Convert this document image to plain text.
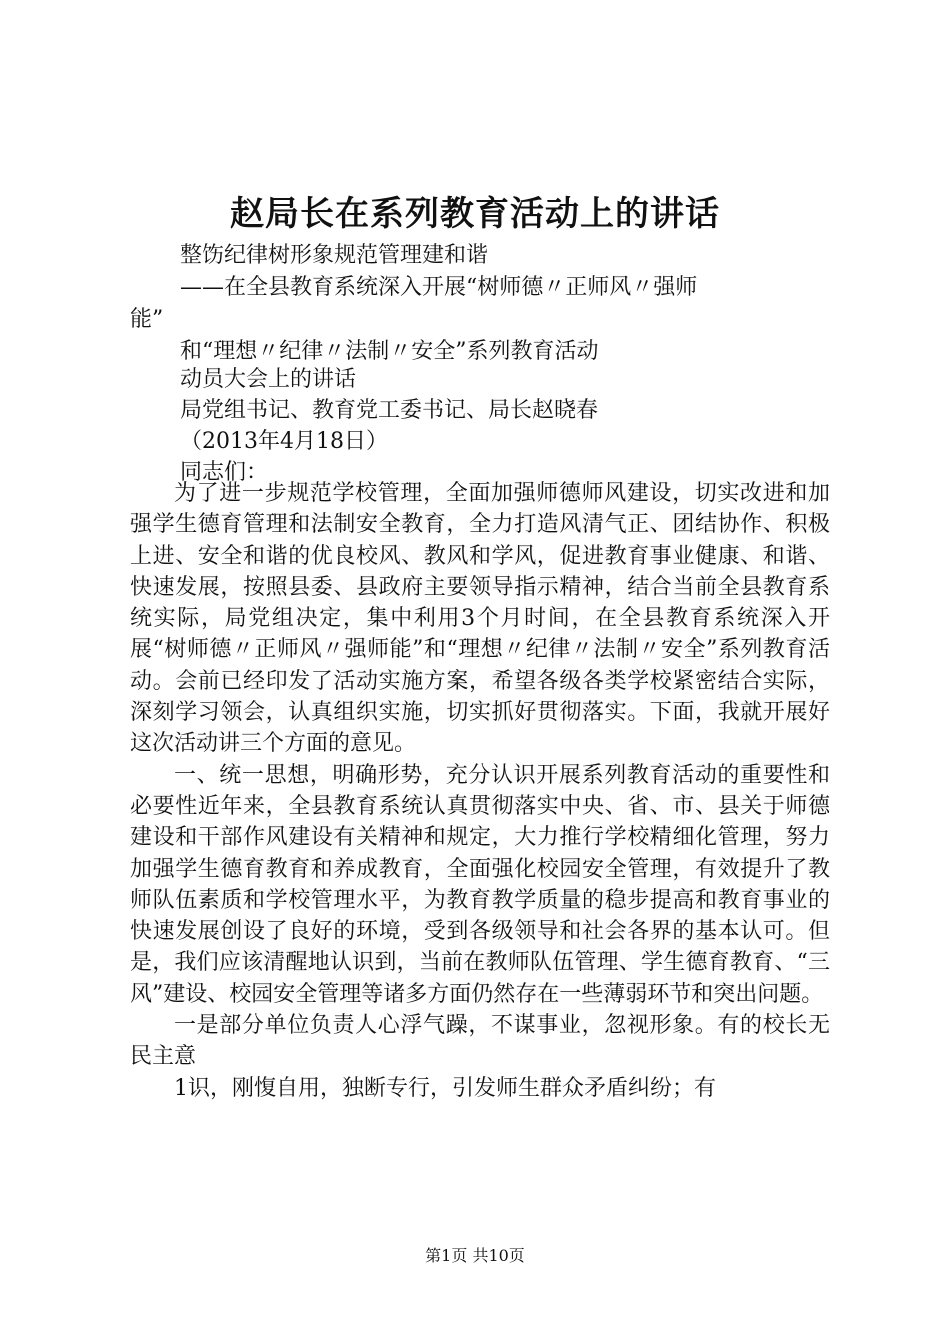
赵局长在系列教育活动上的讲话
整饬纪律树形象规范管理建和谐
——在全县教育系统深入开展“树师德〃正师风〃强师
能”
和“理想〃纪律〃法制〃安全”系列教育活动
动员大会上的讲话
局党组书记、教育党工委书记、局长赵晓春
（2013年4月18日）
同志们：

为了进一步规范学校管理，全面加强师德师风建设，切实改进和加强学生德育管理和法制安全教育，全力打造风清气正、团结协作、积极上进、安全和谐的优良校风、教风和学风，促进教育事业健康、和谐、快速发展，按照县委、县政府主要领导指示精神，结合当前全县教育系统实际，局党组决定，集中利用3个月时间，在全县教育系统深入开展“树师德〃正师风〃强师能”和“理想〃纪律〃法制〃安全”系列教育活动。会前已经印发了活动实施方案，希望各级各类学校紧密结合实际，深刻学习领会，认真组织实施，切实抓好贯彻落实。下面，我就开展好这次活动讲三个方面的意见。

一、统一思想，明确形势，充分认识开展系列教育活动的重要性和必要性近年来，全县教育系统认真贯彻落实中央、省、市、县关于师德建设和干部作风建设有关精神和规定，大力推行学校精细化管理，努力加强学生德育教育和养成教育，全面强化校园安全管理，有效提升了教师队伍素质和学校管理水平，为教育教学质量的稳步提高和教育事业的快速发展创设了良好的环境，受到各级领导和社会各界的基本认可。但是，我们应该清醒地认识到，当前在教师队伍管理、学生德育教育、“三风”建设、校园安全管理等诸多方面仍然存在一些薄弱环节和突出问题。

一是部分单位负责人心浮气躁，不谋事业，忽视形象。有的校长无民主意

1识，刚愎自用，独断专行，引发师生群众矛盾纠纷；有

第1页 共10页
